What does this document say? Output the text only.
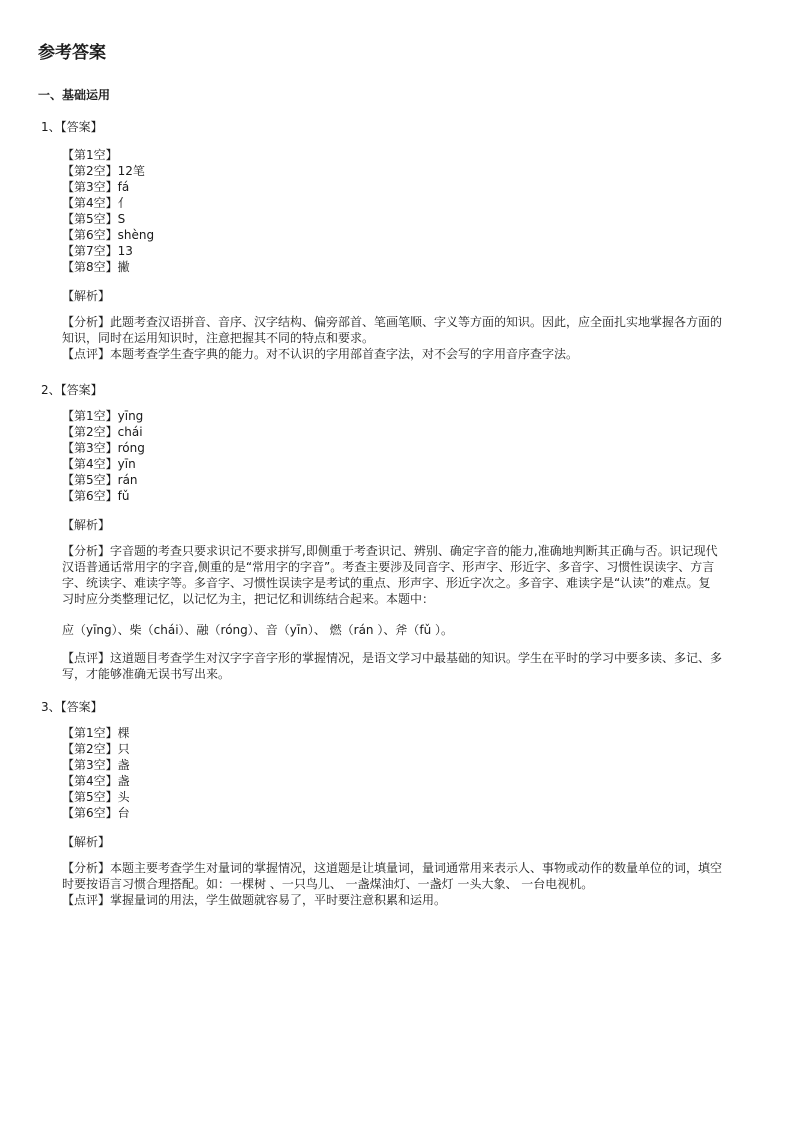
参考答案
一、基础运用
1、【答案】
【第1空】
【第2空】12笔
【第3空】fá
【第4空】亻
【第5空】S
【第6空】shèng
【第7空】13
【第8空】撇
【解析】

【分析】此题考查汉语拼音、音序、汉字结构、偏旁部首、笔画笔顺、字义等方面的知识。因此，应全面扎实地掌握各方面的知识，同时在运用知识时，注意把握其不同的特点和要求。

【点评】本题考查学生查字典的能力。对不认识的字用部首查字法，对不会写的字用音序查字法。

2、【答案】
【第1空】yīng
【第2空】chái
【第3空】róng
【第4空】yīn
【第5空】rán
【第6空】fǔ
【解析】

【分析】字音题的考查只要求识记不要求拼写,即侧重于考查识记、辨别、确定字音的能力,准确地判断其正确与否。识记现代汉语普通话常用字的字音,侧重的是“常用字的字音”。考查主要涉及同音字、形声字、形近字、多音字、习惯性误读字、方言字、统读字、难读字等。多音字、习惯性误读字是考试的重点、形声字、形近字次之。多音字、难读字是“认读”的难点。复习时应分类整理记忆，以记忆为主，把记忆和训练结合起来。本题中：

应（yīng）、柴（chái）、融（róng）、音（yīn）、 燃（rán ）、斧（fǔ ）。

【点评】这道题目考查学生对汉字字音字形的掌握情况，是语文学习中最基础的知识。学生在平时的学习中要多读、多记、多写，才能够准确无误书写出来。

3、【答案】
【第1空】棵
【第2空】只
【第3空】盏
【第4空】盏
【第5空】头
【第6空】台
【解析】

【分析】本题主要考查学生对量词的掌握情况，这道题是让填量词，量词通常用来表示人、事物或动作的数量单位的词，填空时要按语言习惯合理搭配。如：一棵树 、一只鸟儿、 一盏煤油灯、一盏灯 一头大象、 一台电视机。

【点评】掌握量词的用法，学生做题就容易了，平时要注意积累和运用。
